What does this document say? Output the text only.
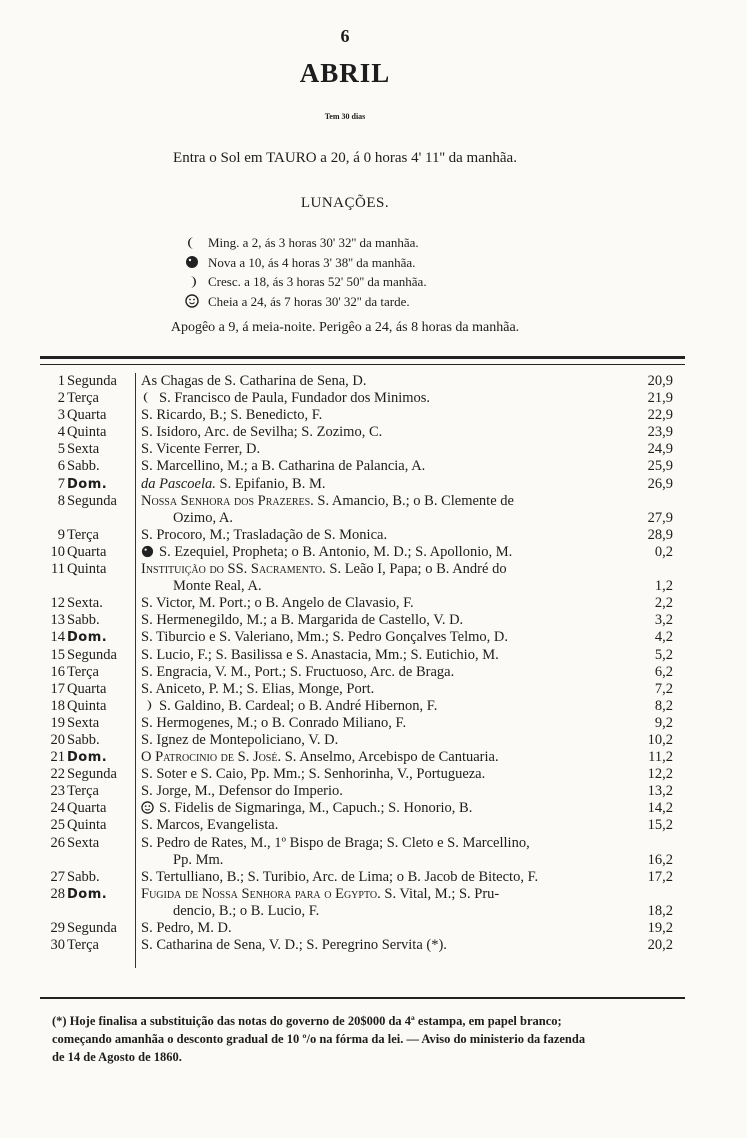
6
ABRIL
Tem 30 dias
Entra o Sol em TAURO a 20, á 0 horas 4' 11'' da manhãa.
LUNAÇÕES.
Ming. a 2, ás 3 horas 30' 32'' da manhãa.
Nova a 10, ás 4 horas 3' 38'' da manhãa.
Cresc. a 18, ás 3 horas 52' 50'' da manhãa.
Cheia a 24, ás 7 horas 30' 32'' da tarde.
Apogêo a 9, á meia-noite. Perigêo a 24, ás 8 horas da manhãa.
1 Segunda As Chagas de S. Catharina de Sena, D.	20,9
2 Terça	S. Francisco de Paula, Fundador dos Minimos.	21,9
3 Quarta S. Ricardo, B.; S. Benedicto, F.	22,9
4 Quinta S. Isidoro, Arc. de Sevilha; S. Zozimo, C.	23,9
5 Sexta	S. Vicente Ferrer, D.	24,9
6 Sabb.	S. Marcellino, M.; a B. Catharina de Palancia, A.	25,9
7 Dom. da Pascoela. S. Epifanio, B. M.	26,9
8 Segunda Nossa Senhora dos Prazeres. S. Amancio, B.; o B. Clemente de
Ozimo, A.	27,9
9 Terça	S. Procoro, M.; Trasladação de S. Monica.	28,9
10 Quarta	S. Ezequiel, Propheta; o B. Antonio, M. D.; S. Apollonio, M.	0,2
11 Quinta Instituição do SS. Sacramento. S. Leão I, Papa; o B. André do
Monte Real, A.	1,2
12 Sexta.	S. Victor, M. Port.; o B. Angelo de Clavasio, F.	2,2
13 Sabb.	S. Hermenegildo, M.; a B. Margarida de Castello, V. D.	3,2
14 Dom. S. Tiburcio e S. Valeriano, Mm.; S. Pedro Gonçalves Telmo, D.	4,2
15 Segunda S. Lucio, F.; S. Basilissa e S. Anastacia, Mm.; S. Eutichio, M.	5,2
16 Terça	S. Engracia, V. M., Port.; S. Fructuoso, Arc. de Braga.	6,2
17 Quarta S. Aniceto, P. M.; S. Elias, Monge, Port.	7,2
18 Quinta	S. Galdino, B. Cardeal; o B. André Hibernon, F.	8,2
19 Sexta	S. Hermogenes, M.; o B. Conrado Miliano, F.	9,2
20 Sabb.	S. Ignez de Montepoliciano, V. D.	10,2
21 Dom. O Patrocinio de S. José. S. Anselmo, Arcebispo de Cantuaria.	11,2
22 Segunda S. Soter e S. Caio, Pp. Mm.; S. Senhorinha, V., Portugueza.	12,2
23 Terça	S. Jorge, M., Defensor do Imperio.	13,2
24 Quarta	S. Fidelis de Sigmaringa, M., Capuch.; S. Honorio, B.	14,2
25 Quinta S. Marcos, Evangelista.	15,2
26 Sexta	S. Pedro de Rates, M., 1º Bispo de Braga; S. Cleto e S. Marcellino,
Pp. Mm.	16,2
27 Sabb.	S. Tertulliano, B.; S. Turibio, Arc. de Lima; o B. Jacob de Bitecto, F.	17,2
28 Dom. Fugida de Nossa Senhora para o Egypto. S. Vital, M.; S. Pru-
dencio, B.; o B. Lucio, F.	18,2
29 Segunda S. Pedro, M. D.	19,2
30 Terça	S. Catharina de Sena, V. D.; S. Peregrino Servita (*).	20,2
(*) Hoje finalisa a substituição das notas do governo de 20$000 da 4ª estampa, em papel branco;
começando amanhãa o desconto gradual de 10 º/o na fórma da lei. — Aviso do ministerio da fazenda
de 14 de Agosto de 1860.
